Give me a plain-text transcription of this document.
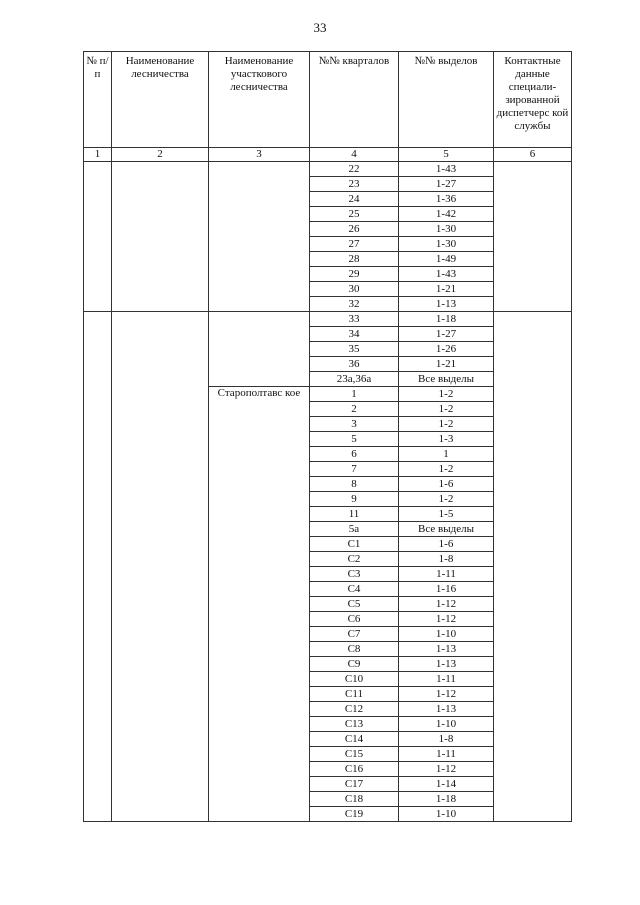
33
№ п/п	Наименование лесничества	Наименование участкового лесничества	№№ кварталов	№№ выделов	Контактные данные специали-зированной диспетчерс кой службы
1	2	3	4	5	6
			22	1-43	
			23	1-27	
			24	1-36	
			25	1-42	
			26	1-30	
			27	1-30	
			28	1-49	
			29	1-43	
			30	1-21	
			32	1-13	
			33	1-18	
			34	1-27	
			35	1-26	
			36	1-21	
			23а,36а	Все выделы	
		Старополтавс кое	1	1-2	
			2	1-2	
			3	1-2	
			5	1-3	
			6	1	
			7	1-2	
			8	1-6	
			9	1-2	
			11	1-5	
			5а	Все выделы	
			С1	1-6	
			С2	1-8	
			С3	1-11	
			С4	1-16	
			С5	1-12	
			С6	1-12	
			С7	1-10	
			С8	1-13	
			С9	1-13	
			С10	1-11	
			С11	1-12	
			С12	1-13	
			С13	1-10	
			С14	1-8	
			С15	1-11	
			С16	1-12	
			С17	1-14	
			С18	1-18	
			С19	1-10	
